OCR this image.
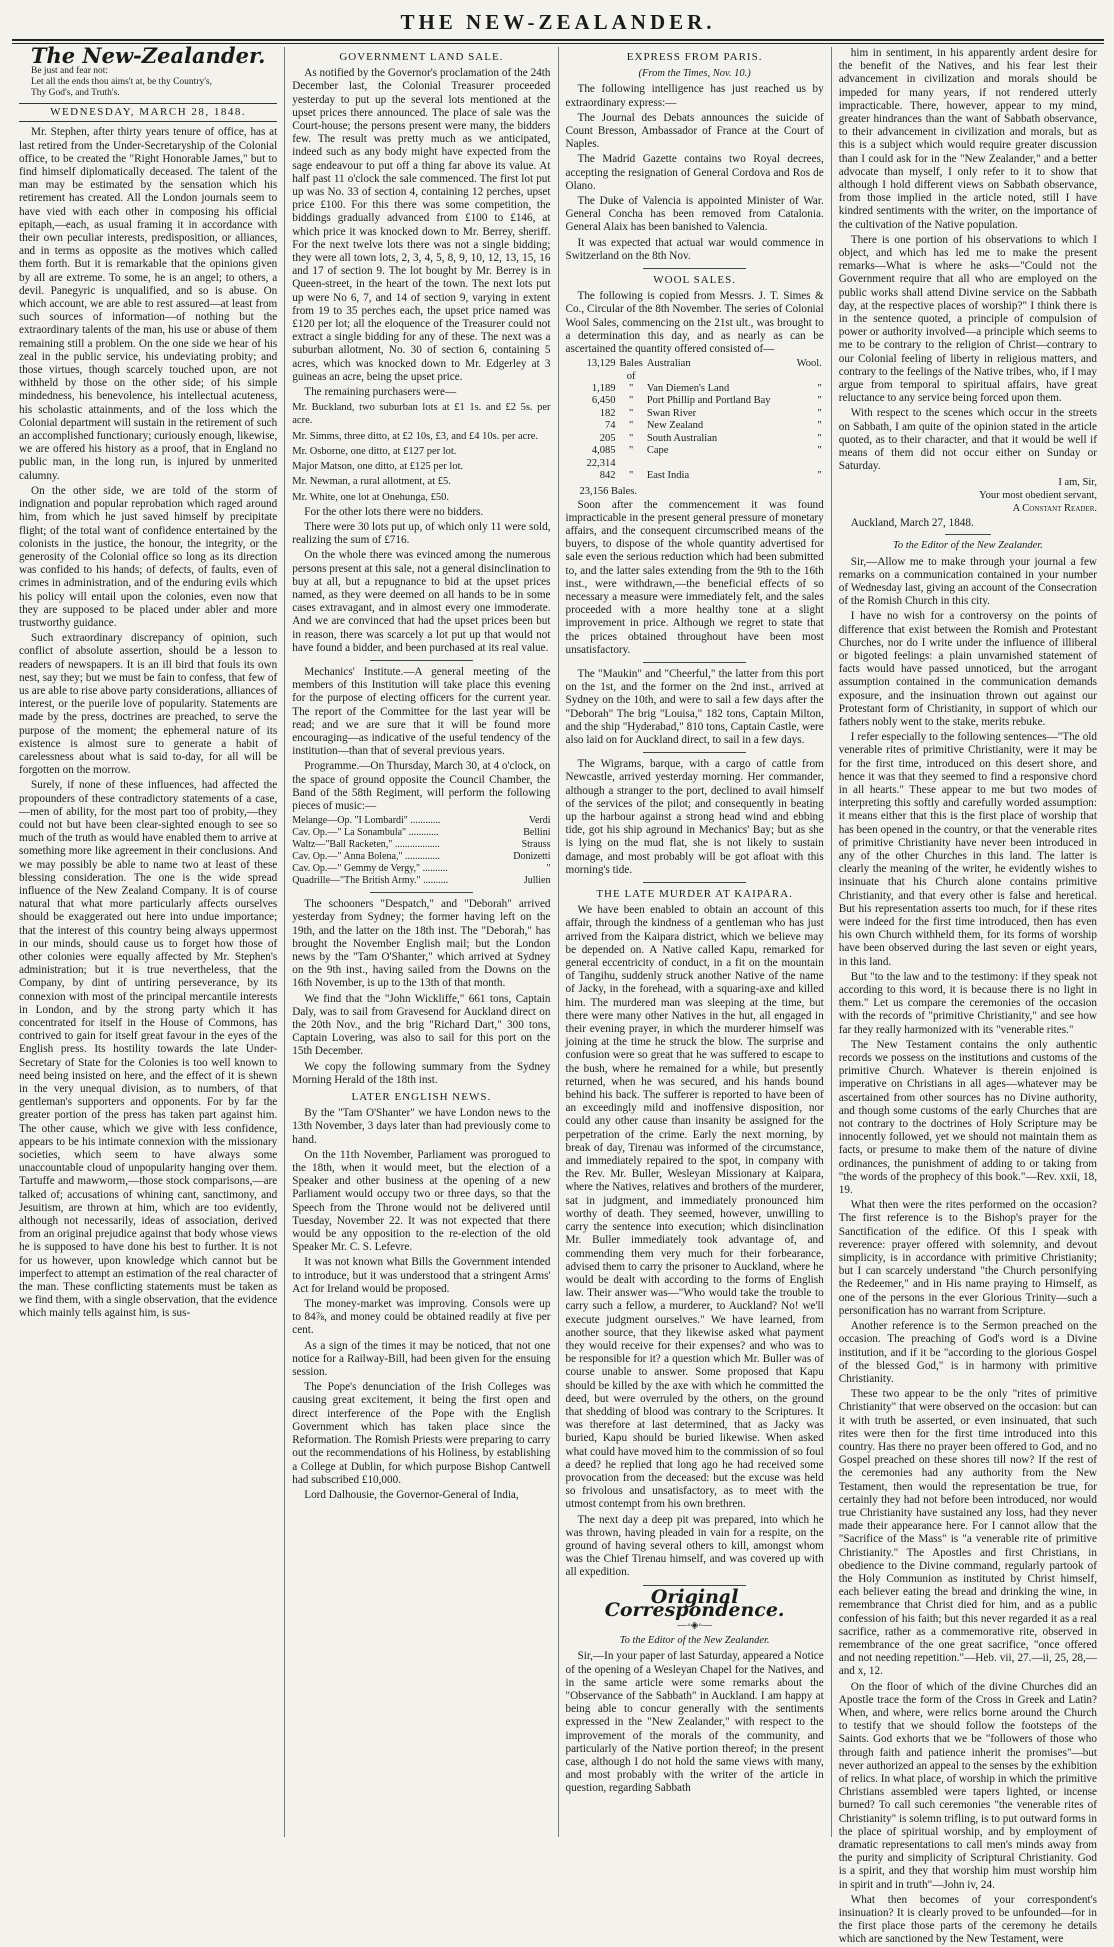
THE NEW-ZEALANDER.
The New-Zealander.
Be just and fear not:
Let all the ends thou aims't at, be thy Country's,
Thy God's, and Truth's.
WEDNESDAY, MARCH 28, 1848.

Mr. Stephen, after thirty years tenure of office, has at last retired from the Under-Secretaryship of the Colonial office, to be created the "Right Honorable James," but to find himself diplomatically deceased. The talent of the man may be estimated by the sensation which his retirement has created. All the London journals seem to have vied with each other in composing his official epitaph,—each, as usual framing it in accordance with their own peculiar interests, predisposition, or alliances, and in terms as opposite as the motives which called them forth. But it is remarkable that the opinions given by all are extreme. To some, he is an angel; to others, a devil. Panegyric is unqualified, and so is abuse. On which account, we are able to rest assured—at least from such sources of information—of nothing but the extraordinary talents of the man, his use or abuse of them remaining still a problem. On the one side we hear of his zeal in the public service, his undeviating probity; and those virtues, though scarcely touched upon, are not withheld by those on the other side; of his simple mindedness, his benevolence, his intellectual acuteness, his scholastic attainments, and of the loss which the Colonial department will sustain in the retirement of such an accomplished functionary; curiously enough, likewise, we are offered his history as a proof, that in England no public man, in the long run, is injured by unmerited calumny.

On the other side, we are told of the storm of indignation and popular reprobation which raged around him, from which he just saved himself by precipitate flight; of the total want of confidence entertained by the colonists in the justice, the honour, the integrity, or the generosity of the Colonial office so long as its direction was confided to his hands; of defects, of faults, even of crimes in administration, and of the enduring evils which his policy will entail upon the colonies, even now that they are supposed to be placed under abler and more trustworthy guidance.

Such extraordinary discrepancy of opinion, such conflict of absolute assertion, should be a lesson to readers of newspapers. It is an ill bird that fouls its own nest, say they; but we must be fain to confess, that few of us are able to rise above party considerations, alliances of interest, or the puerile love of popularity. Statements are made by the press, doctrines are preached, to serve the purpose of the moment; the ephemeral nature of its existence is almost sure to generate a habit of carelessness about what is said to-day, for all will be forgotten on the morrow.

Surely, if none of these influences, had affected the propounders of these contradictory statements of a case,—men of ability, for the most part too of probity,—they could not but have been clear-sighted enough to see so much of the truth as would have enabled them to arrive at something more like agreement in their conclusions. And we may possibly be able to name two at least of these blessing consideration. The one is the wide spread influence of the New Zealand Company. It is of course natural that what more particularly affects ourselves should be exaggerated out here into undue importance; that the interest of this country being always uppermost in our minds, should cause us to forget how those of other colonies were equally affected by Mr. Stephen's administration; but it is true nevertheless, that the Company, by dint of untiring perseverance, by its connexion with most of the principal mercantile interests in London, and by the strong party which it has concentrated for itself in the House of Commons, has contrived to gain for itself great favour in the eyes of the English press. Its hostility towards the late Under-Secretary of State for the Colonies is too well known to need being insisted on here, and the effect of it is shewn in the very unequal division, as to numbers, of that gentleman's supporters and opponents. For by far the greater portion of the press has taken part against him. The other cause, which we give with less confidence, appears to be his intimate connexion with the missionary societies, which seem to have always some unaccountable cloud of unpopularity hanging over them. Tartuffe and mawworm,—those stock comparisons,—are talked of; accusations of whining cant, sanctimony, and Jesuitism, are thrown at him, which are too evidently, although not necessarily, ideas of association, derived from an original prejudice against that body whose views he is supposed to have done his best to further. It is not for us however, upon knowledge which cannot but be imperfect to attempt an estimation of the real character of the man. These conflicting statements must be taken as we find them, with a single observation, that the evidence which mainly tells against him, is sus-

GOVERNMENT LAND SALE.

As notified by the Governor's proclamation of the 24th December last, the Colonial Treasurer proceeded yesterday to put up the several lots mentioned at the upset prices there announced. The place of sale was the Court-house; the persons present were many, the bidders few. The result was pretty much as we anticipated, indeed such as any body might have expected from the sage endeavour to put off a thing far above its value. At half past 11 o'clock the sale commenced. The first lot put up was No. 33 of section 4, containing 12 perches, upset price £100. For this there was some competition, the biddings gradually advanced from £100 to £146, at which price it was knocked down to Mr. Berrey, sheriff. For the next twelve lots there was not a single bidding; they were all town lots, 2, 3, 4, 5, 8, 9, 10, 12, 13, 15, 16 and 17 of section 9. The lot bought by Mr. Berrey is in Queen-street, in the heart of the town. The next lots put up were No 6, 7, and 14 of section 9, varying in extent from 19 to 35 perches each, the upset price named was £120 per lot; all the eloquence of the Treasurer could not extract a single bidding for any of these. The next was a suburban allotment, No. 30 of section 6, containing 5 acres, which was knocked down to Mr. Edgerley at 3 guineas an acre, being the upset price.

The remaining purchasers were—

Mr. Buckland, two suburban lots at £1 1s. and £2 5s. per acre.

Mr. Simms, three ditto, at £2 10s, £3, and £4 10s. per acre.

Mr. Osborne, one ditto, at £127 per lot.

Major Matson, one ditto, at £125 per lot.

Mr. Newman, a rural allotment, at £5.

Mr. White, one lot at Onehunga, £50.

For the other lots there were no bidders.

There were 30 lots put up, of which only 11 were sold, realizing the sum of £716.

On the whole there was evinced among the numerous persons present at this sale, not a general disinclination to buy at all, but a repugnance to bid at the upset prices named, as they were deemed on all hands to be in some cases extravagant, and in almost every one immoderate. And we are convinced that had the upset prices been but in reason, there was scarcely a lot put up that would not have found a bidder, and been purchased at its real value.

Mechanics' Institute.—A general meeting of the members of this Institution will take place this evening for the purpose of electing officers for the current year. The report of the Committee for the last year will be read; and we are sure that it will be found more encouraging—as indicative of the useful tendency of the institution—than that of several previous years.

Programme.—On Thursday, March 30, at 4 o'clock, on the space of ground opposite the Council Chamber, the Band of the 58th Regiment, will perform the following pieces of music:—

Melange—Op. "I Lombardi" ............	Verdi
Cav. Op.—" La Sonambula" ............	Bellini
Waltz—"Ball Racketen," ..................	Strauss
Cav. Op.—" Anna Bolena," ..............	Donizetti
Cav. Op.—" Gemmy de Vergy," ..........	"
Quadrille—"The British Army." ..........	Jullien

The schooners "Despatch," and "Deborah" arrived yesterday from Sydney; the former having left on the 19th, and the latter on the 18th inst. The "Deborah," has brought the November English mail; but the London news by the "Tam O'Shanter," which arrived at Sydney on the 9th inst., having sailed from the Downs on the 16th November, is up to the 13th of that month.

We find that the "John Wickliffe," 661 tons, Captain Daly, was to sail from Gravesend for Auckland direct on the 20th Nov., and the brig "Richard Dart," 300 tons, Captain Lovering, was also to sail for this port on the 15th December.

We copy the following summary from the Sydney Morning Herald of the 18th inst.

LATER ENGLISH NEWS.

By the "Tam O'Shanter" we have London news to the 13th November, 3 days later than had previously come to hand.

On the 11th November, Parliament was prorogued to the 18th, when it would meet, but the election of a Speaker and other business at the opening of a new Parliament would occupy two or three days, so that the Speech from the Throne would not be delivered until Tuesday, November 22. It was not expected that there would be any opposition to the re-election of the old Speaker Mr. C. S. Lefevre.

It was not known what Bills the Government intended to introduce, but it was understood that a stringent Arms' Act for Ireland would be proposed.

The money-market was improving. Consols were up to 84⅞, and money could be obtained readily at five per cent.

As a sign of the times it may be noticed, that not one notice for a Railway-Bill, had been given for the ensuing session.

The Pope's denunciation of the Irish Colleges was causing great excitement, it being the first open and direct interference of the Pope with the English Government which has taken place since the Reformation. The Romish Priests were preparing to carry out the recommendations of his Holiness, by establishing a College at Dublin, for which purpose Bishop Cantwell had subscribed £10,000.

Lord Dalhousie, the Governor-General of India,

EXPRESS FROM PARIS.
(From the Times, Nov. 10.)

The following intelligence has just reached us by extraordinary express:—

The Journal des Debats announces the suicide of Count Bresson, Ambassador of France at the Court of Naples.

The Madrid Gazette contains two Royal decrees, accepting the resignation of General Cordova and Ros de Olano.

The Duke of Valencia is appointed Minister of War. General Concha has been removed from Catalonia. General Alaix has been banished to Valencia.

It was expected that actual war would commence in Switzerland on the 8th Nov.

WOOL SALES.

The following is copied from Messrs. J. T. Simes & Co., Circular of the 8th November. The series of Colonial Wool Sales, commencing on the 21st ult., was brought to a determination this day, and as nearly as can be ascertained the quantity offered consisted of—

13,129	Bales of	Australian	Wool.
1,189	"	Van Diemen's Land	"
6,450	"	Port Phillip and Portland Bay	"
182	"	Swan River	"
74	"	New Zealand	"
205	"	South Australian	"
4,085	"	Cape	"
22,314			
842	"	East India	"
23,156 Bales.

Soon after the commencement it was found impracticable in the present general pressure of monetary affairs, and the consequent circumscribed means of the buyers, to dispose of the whole quantity advertised for sale even the serious reduction which had been submitted to, and the latter sales extending from the 9th to the 16th inst., were withdrawn,—the beneficial effects of so necessary a measure were immediately felt, and the sales proceeded with a more healthy tone at a slight improvement in price. Although we regret to state that the prices obtained throughout have been most unsatisfactory.

The "Maukin" and "Cheerful," the latter from this port on the 1st, and the former on the 2nd inst., arrived at Sydney on the 10th, and were to sail a few days after the "Deborah" The brig "Louisa," 182 tons, Captain Milton, and the ship "Hyderabad," 810 tons, Captain Castle, were also laid on for Auckland direct, to sail in a few days.

The Wigrams, barque, with a cargo of cattle from Newcastle, arrived yesterday morning. Her commander, although a stranger to the port, declined to avail himself of the services of the pilot; and consequently in beating up the harbour against a strong head wind and ebbing tide, got his ship aground in Mechanics' Bay; but as she is lying on the mud flat, she is not likely to sustain damage, and most probably will be got afloat with this morning's tide.

THE LATE MURDER AT KAIPARA.

We have been enabled to obtain an account of this affair, through the kindness of a gentleman who has just arrived from the Kaipara district, which we believe may be depended on. A Native called Kapu, remarked for general eccentricity of conduct, in a fit on the mountain of Tangihu, suddenly struck another Native of the name of Jacky, in the forehead, with a squaring-axe and killed him. The murdered man was sleeping at the time, but there were many other Natives in the hut, all engaged in their evening prayer, in which the murderer himself was joining at the time he struck the blow. The surprise and confusion were so great that he was suffered to escape to the bush, where he remained for a while, but presently returned, when he was secured, and his hands bound behind his back. The sufferer is reported to have been of an exceedingly mild and inoffensive disposition, nor could any other cause than insanity be assigned for the perpetration of the crime. Early the next morning, by break of day, Tirenau was informed of the circumstance, and immediately repaired to the spot, in company with the Rev. Mr. Buller, Wesleyan Missionary at Kaipara, where the Natives, relatives and brothers of the murderer, sat in judgment, and immediately pronounced him worthy of death. They seemed, however, unwilling to carry the sentence into execution; which disinclination Mr. Buller immediately took advantage of, and commending them very much for their forbearance, advised them to carry the prisoner to Auckland, where he would be dealt with according to the forms of English law. Their answer was—"Who would take the trouble to carry such a fellow, a murderer, to Auckland? No! we'll execute judgment ourselves." We have learned, from another source, that they likewise asked what payment they would receive for their expenses? and who was to be responsible for it? a question which Mr. Buller was of course unable to answer. Some proposed that Kapu should be killed by the axe with which he committed the deed, but were overruled by the others, on the ground that shedding of blood was contrary to the Scriptures. It was therefore at last determined, that as Jacky was buried, Kapu should be buried likewise. When asked what could have moved him to the commission of so foul a deed? he replied that long ago he had received some provocation from the deceased: but the excuse was held so frivolous and unsatisfactory, as to meet with the utmost contempt from his own brethren.

The next day a deep pit was prepared, into which he was thrown, having pleaded in vain for a respite, on the ground of having several others to kill, amongst whom was the Chief Tirenau himself, and was covered up with all expedition.

Original Correspondence.
—◦◈◦—
To the Editor of the New Zealander.

Sir,—In your paper of last Saturday, appeared a Notice of the opening of a Wesleyan Chapel for the Natives, and in the same article were some remarks about the "Observance of the Sabbath" in Auckland. I am happy at being able to concur generally with the sentiments expressed in the "New Zealander," with respect to the improvement of the morals of the community, and particularly of the Native portion thereof; in the present case, although I do not hold the same views with many, and most probably with the writer of the article in question, regarding Sabbath

him in sentiment, in his apparently ardent desire for the benefit of the Natives, and his fear lest their advancement in civilization and morals should be impeded for many years, if not rendered utterly impracticable. There, however, appear to my mind, greater hindrances than the want of Sabbath observance, to their advancement in civilization and morals, but as this is a subject which would require greater discussion than I could ask for in the "New Zealander," and a better advocate than myself, I only refer to it to show that although I hold different views on Sabbath observance, from those implied in the article noted, still I have kindred sentiments with the writer, on the importance of the cultivation of the Native population.

There is one portion of his observations to which I object, and which has led me to make the present remarks—What is where he asks—"Could not the Government require that all who are employed on the public works shall attend Divine service on the Sabbath day, at the respective places of worship?" I think there is in the sentence quoted, a principle of compulsion of power or authority involved—a principle which seems to me to be contrary to the religion of Christ—contrary to our Colonial feeling of liberty in religious matters, and contrary to the feelings of the Native tribes, who, if I may argue from temporal to spiritual affairs, have great reluctance to any service being forced upon them.

With respect to the scenes which occur in the streets on Sabbath, I am quite of the opinion stated in the article quoted, as to their character, and that it would be well if means of them did not occur either on Sunday or Saturday.

I am, Sir,
Your most obedient servant,
A Constant Reader.

Auckland, March 27, 1848.

To the Editor of the New Zealander.

Sir,—Allow me to make through your journal a few remarks on a communication contained in your number of Wednesday last, giving an account of the Consecration of the Romish Church in this city.

I have no wish for a controversy on the points of difference that exist between the Romish and Protestant Churches, nor do I write under the influence of illiberal or bigoted feelings: a plain unvarnished statement of facts would have passed unnoticed, but the arrogant assumption contained in the communication demands exposure, and the insinuation thrown out against our Protestant form of Christianity, in support of which our fathers nobly went to the stake, merits rebuke.

I refer especially to the following sentences—"The old venerable rites of primitive Christianity, were it may be for the first time, introduced on this desert shore, and hence it was that they seemed to find a responsive chord in all hearts." These appear to me but two modes of interpreting this softly and carefully worded assumption: it means either that this is the first place of worship that has been opened in the country, or that the venerable rites of primitive Christianity have never been introduced in any of the other Churches in this land. The latter is clearly the meaning of the writer, he evidently wishes to insinuate that his Church alone contains primitive Christianity, and that every other is false and heretical. But his representation asserts too much, for if these rites were indeed for the first time introduced, then has even his own Church withheld them, for its forms of worship have been observed during the last seven or eight years, in this land.

But "to the law and to the testimony: if they speak not according to this word, it is because there is no light in them." Let us compare the ceremonies of the occasion with the records of "primitive Christianity," and see how far they really harmonized with its "venerable rites."

The New Testament contains the only authentic records we possess on the institutions and customs of the primitive Church. Whatever is therein enjoined is imperative on Christians in all ages—whatever may be ascertained from other sources has no Divine authority, and though some customs of the early Churches that are not contrary to the doctrines of Holy Scripture may be innocently followed, yet we should not maintain them as facts, or presume to make them of the nature of divine ordinances, the punishment of adding to or taking from "the words of the prophecy of this book."—Rev. xxii, 18, 19.

What then were the rites performed on the occasion? The first reference is to the Bishop's prayer for the Sanctification of the edifice. Of this I speak with reverence: prayer offered with solemnity, and devout simplicity, is in accordance with primitive Christianity; but I can scarcely understand "the Church personifying the Redeemer," and in His name praying to Himself, as one of the persons in the ever Glorious Trinity—such a personification has no warrant from Scripture.

Another reference is to the Sermon preached on the occasion. The preaching of God's word is a Divine institution, and if it be "according to the glorious Gospel of the blessed God," is in harmony with primitive Christianity.

These two appear to be the only "rites of primitive Christianity" that were observed on the occasion: but can it with truth be asserted, or even insinuated, that such rites were then for the first time introduced into this country. Has there no prayer been offered to God, and no Gospel preached on these shores till now? If the rest of the ceremonies had any authority from the New Testament, then would the representation be true, for certainly they had not before been introduced, nor would true Christianity have sustained any loss, had they never made their appearance here. For I cannot allow that the "Sacrifice of the Mass" is "a venerable rite of primitive Christianity." The Apostles and first Christians, in obedience to the Divine command, regularly partook of the Holy Communion as instituted by Christ himself, each believer eating the bread and drinking the wine, in remembrance that Christ died for him, and as a public confession of his faith; but this never regarded it as a real sacrifice, rather as a commemorative rite, observed in remembrance of the one great sacrifice, "once offered and not needing repetition."—Heb. vii, 27.—ii, 25, 28,—and x, 12.

On the floor of which of the divine Churches did an Apostle trace the form of the Cross in Greek and Latin? When, and where, were relics borne around the Church to testify that we should follow the footsteps of the Saints. God exhorts that we be "followers of those who through faith and patience inherit the promises"—but never authorized an appeal to the senses by the exhibition of relics. In what place, of worship in which the primitive Christians assembled were tapers lighted, or incense burned? To call such ceremonies "the venerable rites of Christianity" is solemn trifling, is to put outward forms in the place of spiritual worship, and by employment of dramatic representations to call men's minds away from the purity and simplicity of Scriptural Christianity. God is a spirit, and they that worship him must worship him in spirit and in truth"—John iv, 24.

What then becomes of your correspondent's insinuation? It is clearly proved to be unfounded—for in the first place those parts of the ceremony he details which are sanctioned by the New Testament, were
